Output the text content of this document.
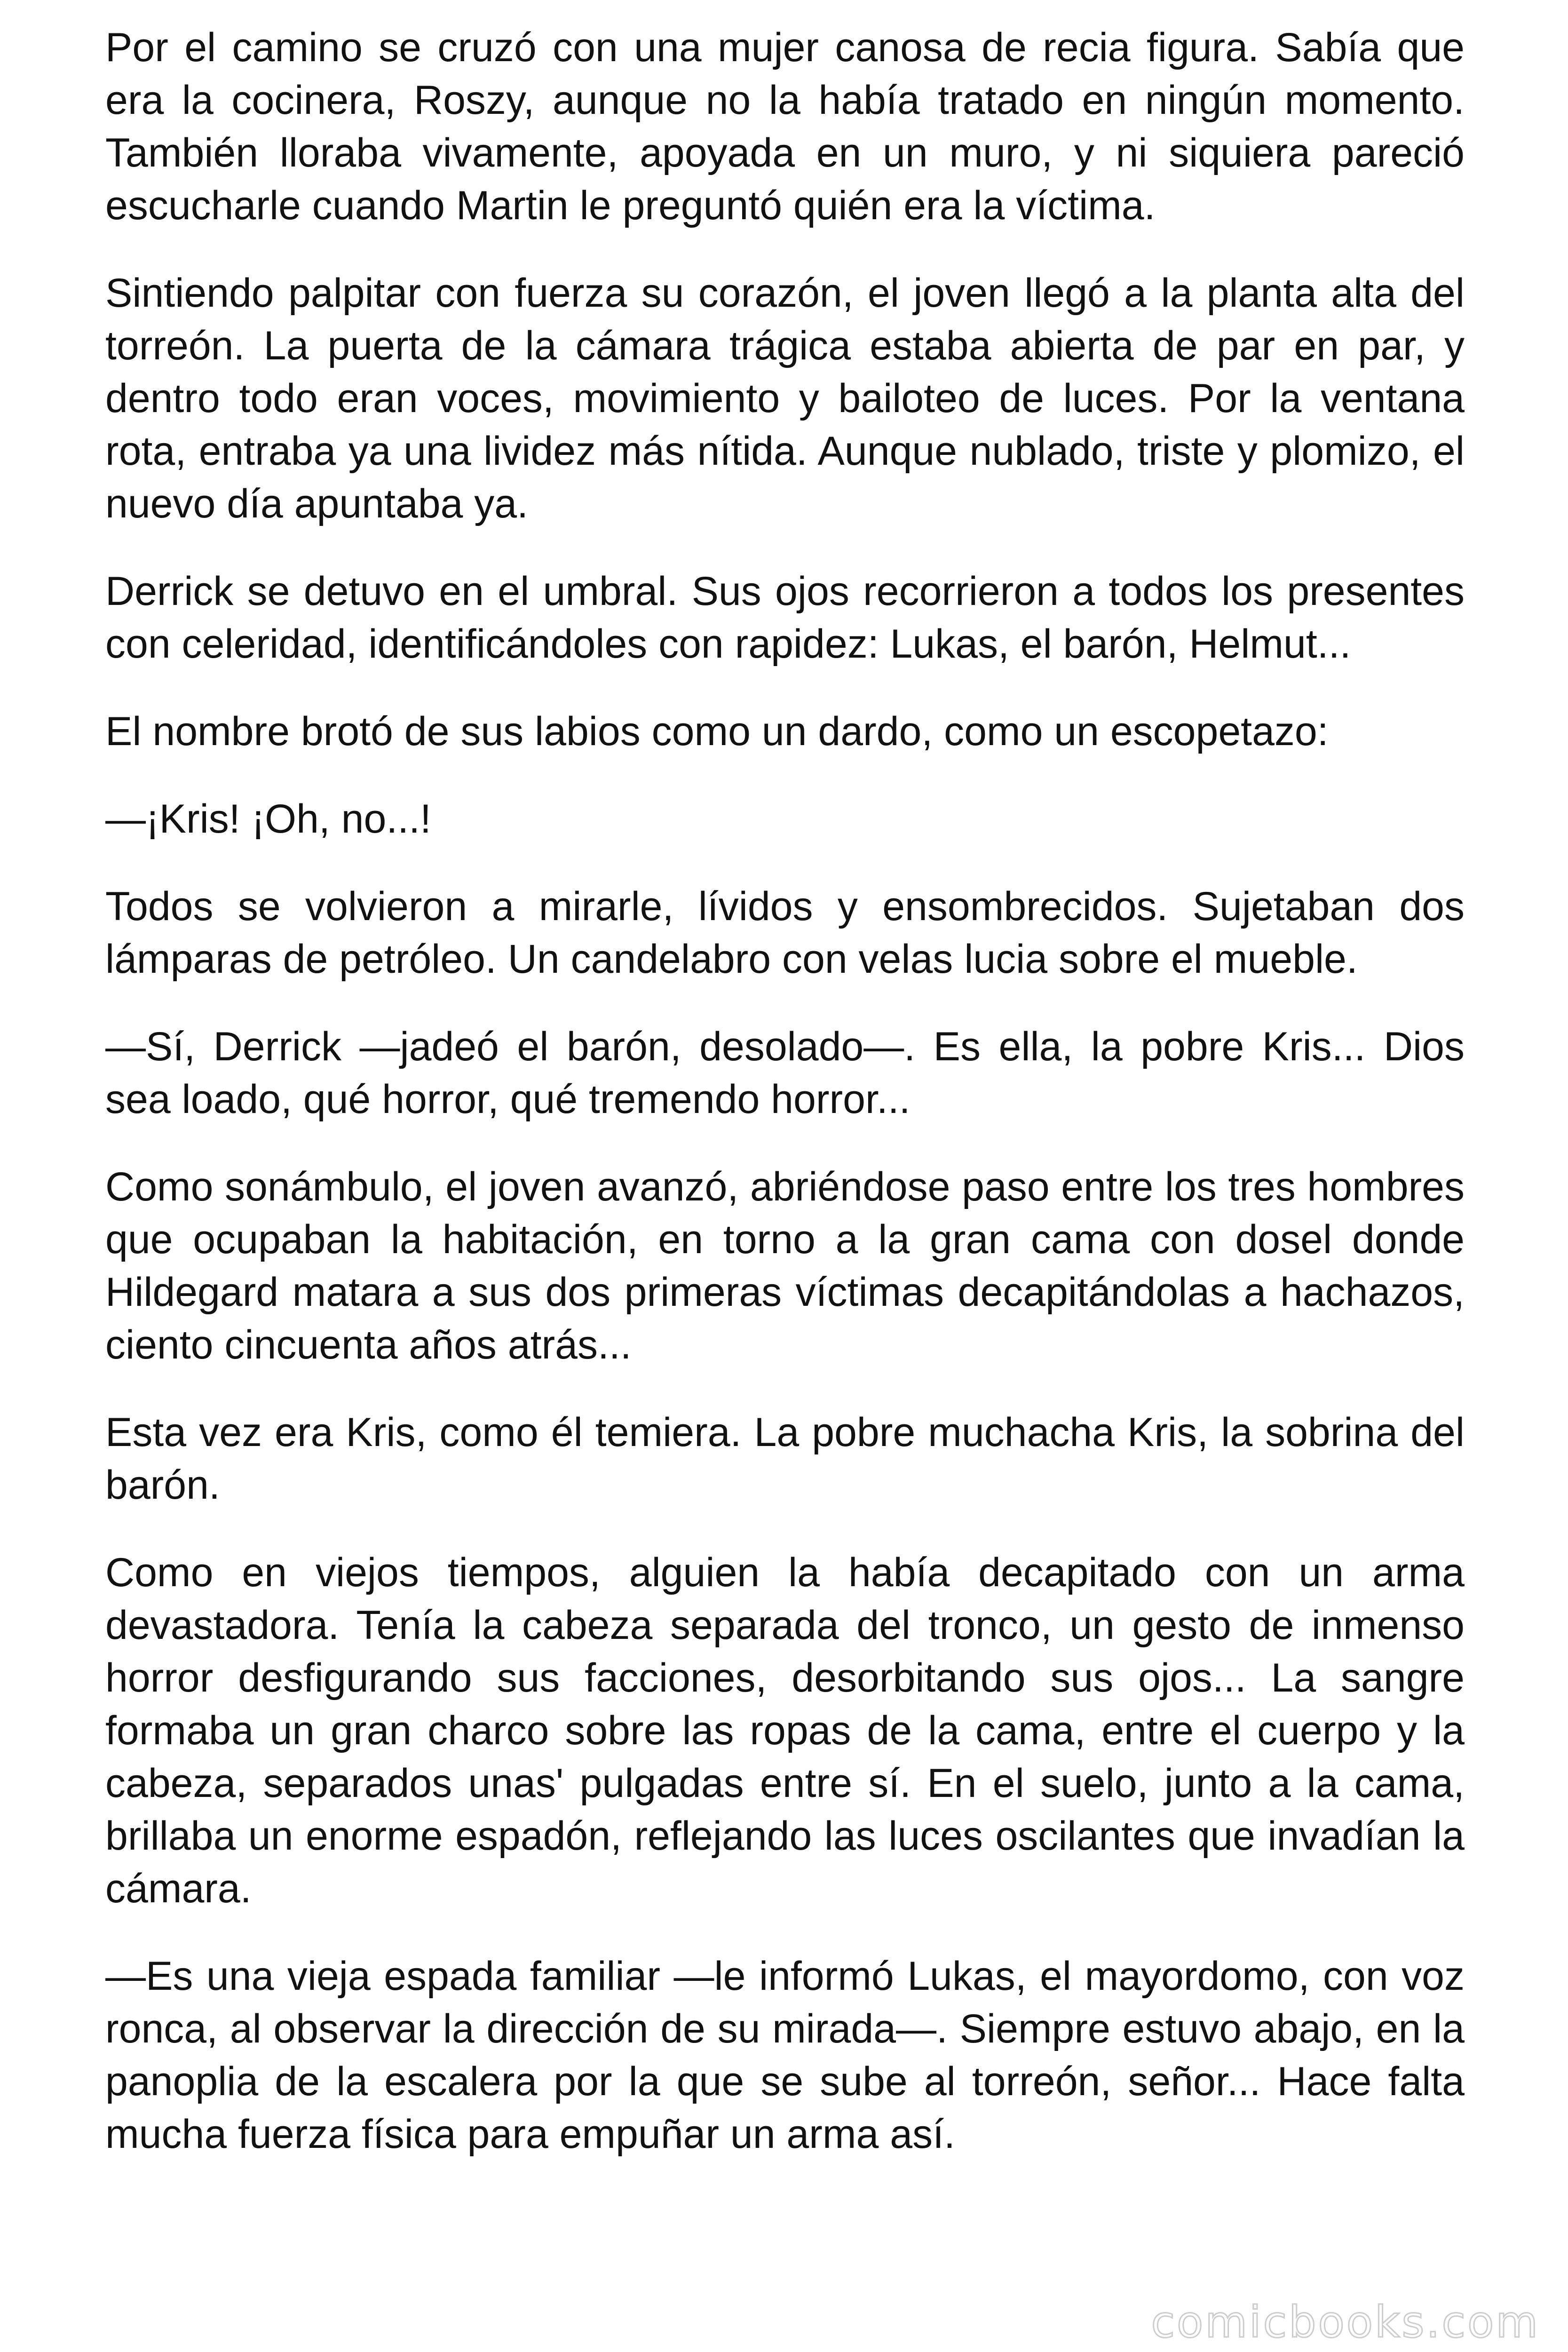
Por el camino se cruzó con una mujer canosa de recia figura. Sabía que era la cocinera, Roszy, aunque no la había tratado en ningún momento. También lloraba vivamente, apoyada en un muro, y ni siquiera pareció escucharle cuando Martin le preguntó quién era la víctima.

Sintiendo palpitar con fuerza su corazón, el joven llegó a la planta alta del torreón. La puerta de la cámara trágica estaba abierta de par en par, y dentro todo eran voces, movimiento y bailoteo de luces. Por la ventana rota, entraba ya una lividez más nítida. Aunque nublado, triste y plomizo, el nuevo día apuntaba ya.

Derrick se detuvo en el umbral. Sus ojos recorrieron a todos los presentes con celeridad, identificándoles con rapidez: Lukas, el barón, Helmut...

El nombre brotó de sus labios como un dardo, como un escopetazo:

—¡Kris! ¡Oh, no...!

Todos se volvieron a mirarle, lívidos y ensombrecidos. Sujetaban dos lámparas de petróleo. Un candelabro con velas lucia sobre el mueble.

—Sí, Derrick —jadeó el barón, desolado—. Es ella, la pobre Kris... Dios sea loado, qué horror, qué tremendo horror...

Como sonámbulo, el joven avanzó, abriéndose paso entre los tres hombres que ocupaban la habitación, en torno a la gran cama con dosel donde Hildegard matara a sus dos primeras víctimas decapitándolas a hachazos, ciento cincuenta años atrás...

Esta vez era Kris, como él temiera. La pobre muchacha Kris, la sobrina del barón.

Como en viejos tiempos, alguien la había decapitado con un arma devastadora. Tenía la cabeza separada del tronco, un gesto de inmenso horror desfigurando sus facciones, desorbitando sus ojos... La sangre formaba un gran charco sobre las ropas de la cama, entre el cuerpo y la cabeza, separados unas' pulgadas entre sí. En el suelo, junto a la cama, brillaba un enorme espadón, reflejando las luces oscilantes que invadían la cámara.

—Es una vieja espada familiar —le informó Lukas, el mayordomo, con voz ronca, al observar la dirección de su mirada—. Siempre estuvo abajo, en la panoplia de la escalera por la que se sube al torreón, señor... Hace falta mucha fuerza física para empuñar un arma así.

comicbooks.com
